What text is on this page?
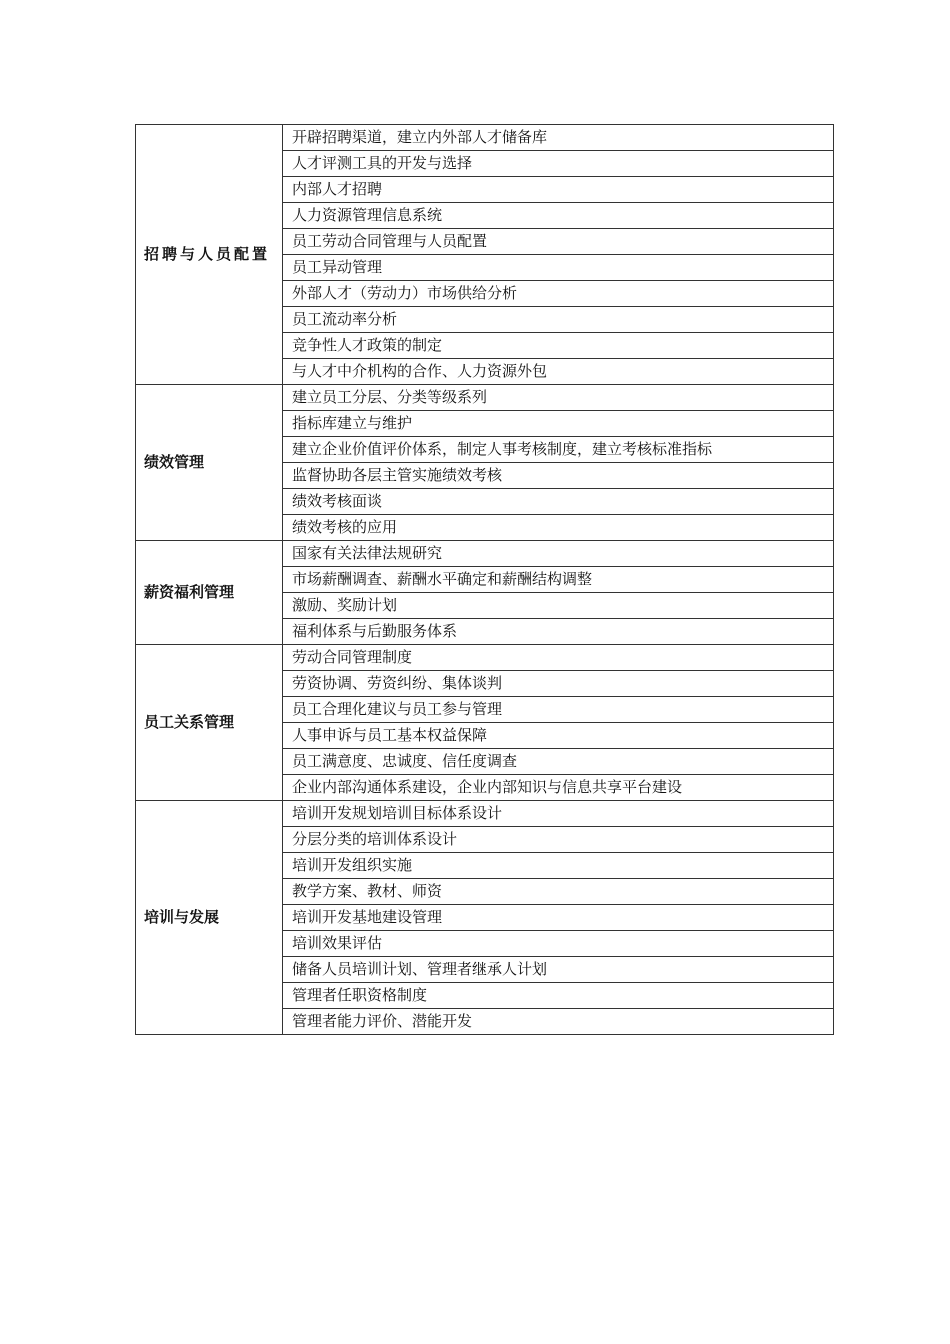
招聘与人员配置	开辟招聘渠道，建立内外部人才储备库
	人才评测工具的开发与选择
	内部人才招聘
	人力资源管理信息系统
	员工劳动合同管理与人员配置
	员工异动管理
	外部人才（劳动力）市场供给分析
	员工流动率分析
	竞争性人才政策的制定
	与人才中介机构的合作、人力资源外包
绩效管理	建立员工分层、分类等级系列
	指标库建立与维护
	建立企业价值评价体系，制定人事考核制度，建立考核标准指标
	监督协助各层主管实施绩效考核
	绩效考核面谈
	绩效考核的应用
薪资福利管理	国家有关法律法规研究
	市场薪酬调查、薪酬水平确定和薪酬结构调整
	激励、奖励计划
	福利体系与后勤服务体系
员工关系管理	劳动合同管理制度
	劳资协调、劳资纠纷、集体谈判
	员工合理化建议与员工参与管理
	人事申诉与员工基本权益保障
	员工满意度、忠诚度、信任度调查
	企业内部沟通体系建设，企业内部知识与信息共享平台建设
培训与发展	培训开发规划培训目标体系设计
	分层分类的培训体系设计
	培训开发组织实施
	教学方案、教材、师资
	培训开发基地建设管理
	培训效果评估
	储备人员培训计划、管理者继承人计划
	管理者任职资格制度
	管理者能力评价、潜能开发
